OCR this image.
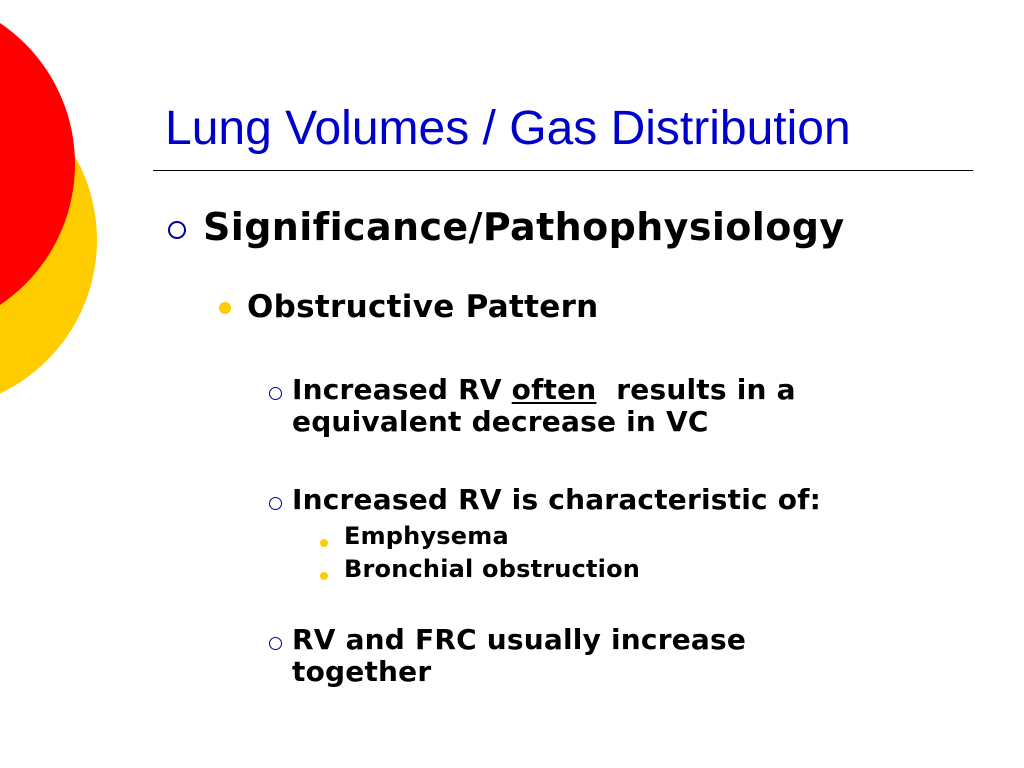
Lung Volumes / Gas Distribution
Significance/Pathophysiology
Obstructive Pattern
Increased RV often  results in a
equivalent decrease in VC
Increased RV is characteristic of:
Emphysema
Bronchial obstruction
RV and FRC usually increase
together
